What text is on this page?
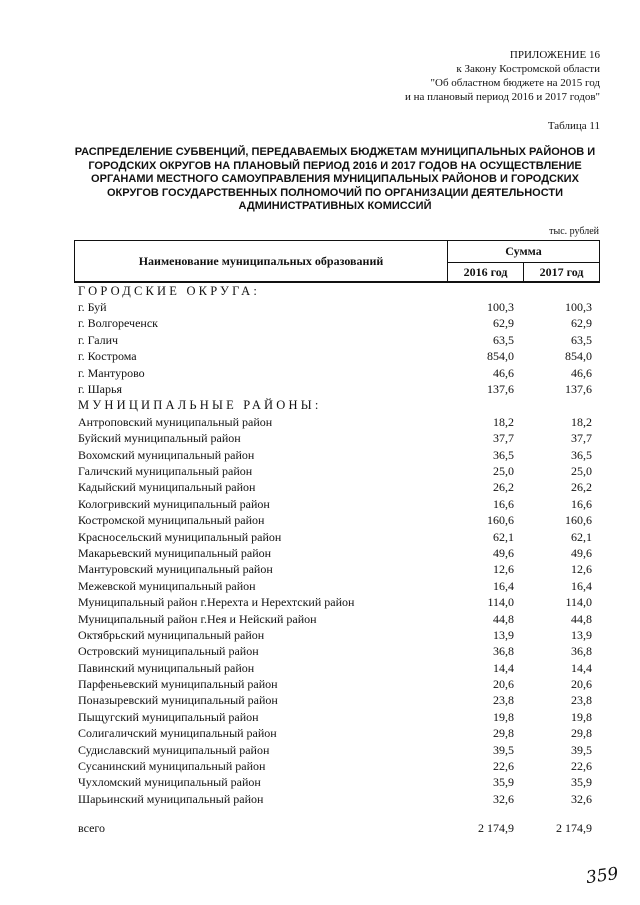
ПРИЛОЖЕНИЕ 16
к Закону Костромской области
"Об областном бюджете на 2015 год
и на плановый период 2016 и 2017 годов"
Таблица 11
РАСПРЕДЕЛЕНИЕ СУБВЕНЦИЙ, ПЕРЕДАВАЕМЫХ БЮДЖЕТАМ МУНИЦИПАЛЬНЫХ РАЙОНОВ И
ГОРОДСКИХ ОКРУГОВ НА ПЛАНОВЫЙ ПЕРИОД 2016 И 2017 ГОДОВ НА ОСУЩЕСТВЛЕНИЕ
ОРГАНАМИ МЕСТНОГО САМОУПРАВЛЕНИЯ МУНИЦИПАЛЬНЫХ РАЙОНОВ И ГОРОДСКИХ
ОКРУГОВ ГОСУДАРСТВЕННЫХ ПОЛНОМОЧИЙ ПО ОРГАНИЗАЦИИ ДЕЯТЕЛЬНОСТИ
АДМИНИСТРАТИВНЫХ КОМИССИЙ
тыс. рублей
Наименование муниципальных образований
Сумма
2016 год	2017 год
ГОРОДСКИЕ ОКРУГА:
г. Буй	100,3	100,3
г. Волгореченск	62,9	62,9
г. Галич	63,5	63,5
г. Кострома	854,0	854,0
г. Мантурово	46,6	46,6
г. Шарья	137,6	137,6
МУНИЦИПАЛЬНЫЕ РАЙОНЫ:
Антроповский муниципальный район	18,2	18,2
Буйский муниципальный район	37,7	37,7
Вохомский муниципальный район	36,5	36,5
Галичский муниципальный район	25,0	25,0
Кадыйский муниципальный район	26,2	26,2
Кологривский муниципальный район	16,6	16,6
Костромской муниципальный район	160,6	160,6
Красносельский муниципальный район	62,1	62,1
Макарьевский муниципальный район	49,6	49,6
Мантуровский муниципальный район	12,6	12,6
Межевской муниципальный район	16,4	16,4
Муниципальный район г.Нерехта и Нерехтский район	114,0	114,0
Муниципальный район г.Нея и Нейский район	44,8	44,8
Октябрьский муниципальный район	13,9	13,9
Островский муниципальный район	36,8	36,8
Павинский муниципальный район	14,4	14,4
Парфеньевский муниципальный район	20,6	20,6
Поназыревский муниципальный район	23,8	23,8
Пыщугский муниципальный район	19,8	19,8
Солигаличский муниципальный район	29,8	29,8
Судиславский муниципальный район	39,5	39,5
Сусанинский муниципальный район	22,6	22,6
Чухломский муниципальный район	35,9	35,9
Шарьинский муниципальный район	32,6	32,6
всего	2 174,9	2 174,9
359
